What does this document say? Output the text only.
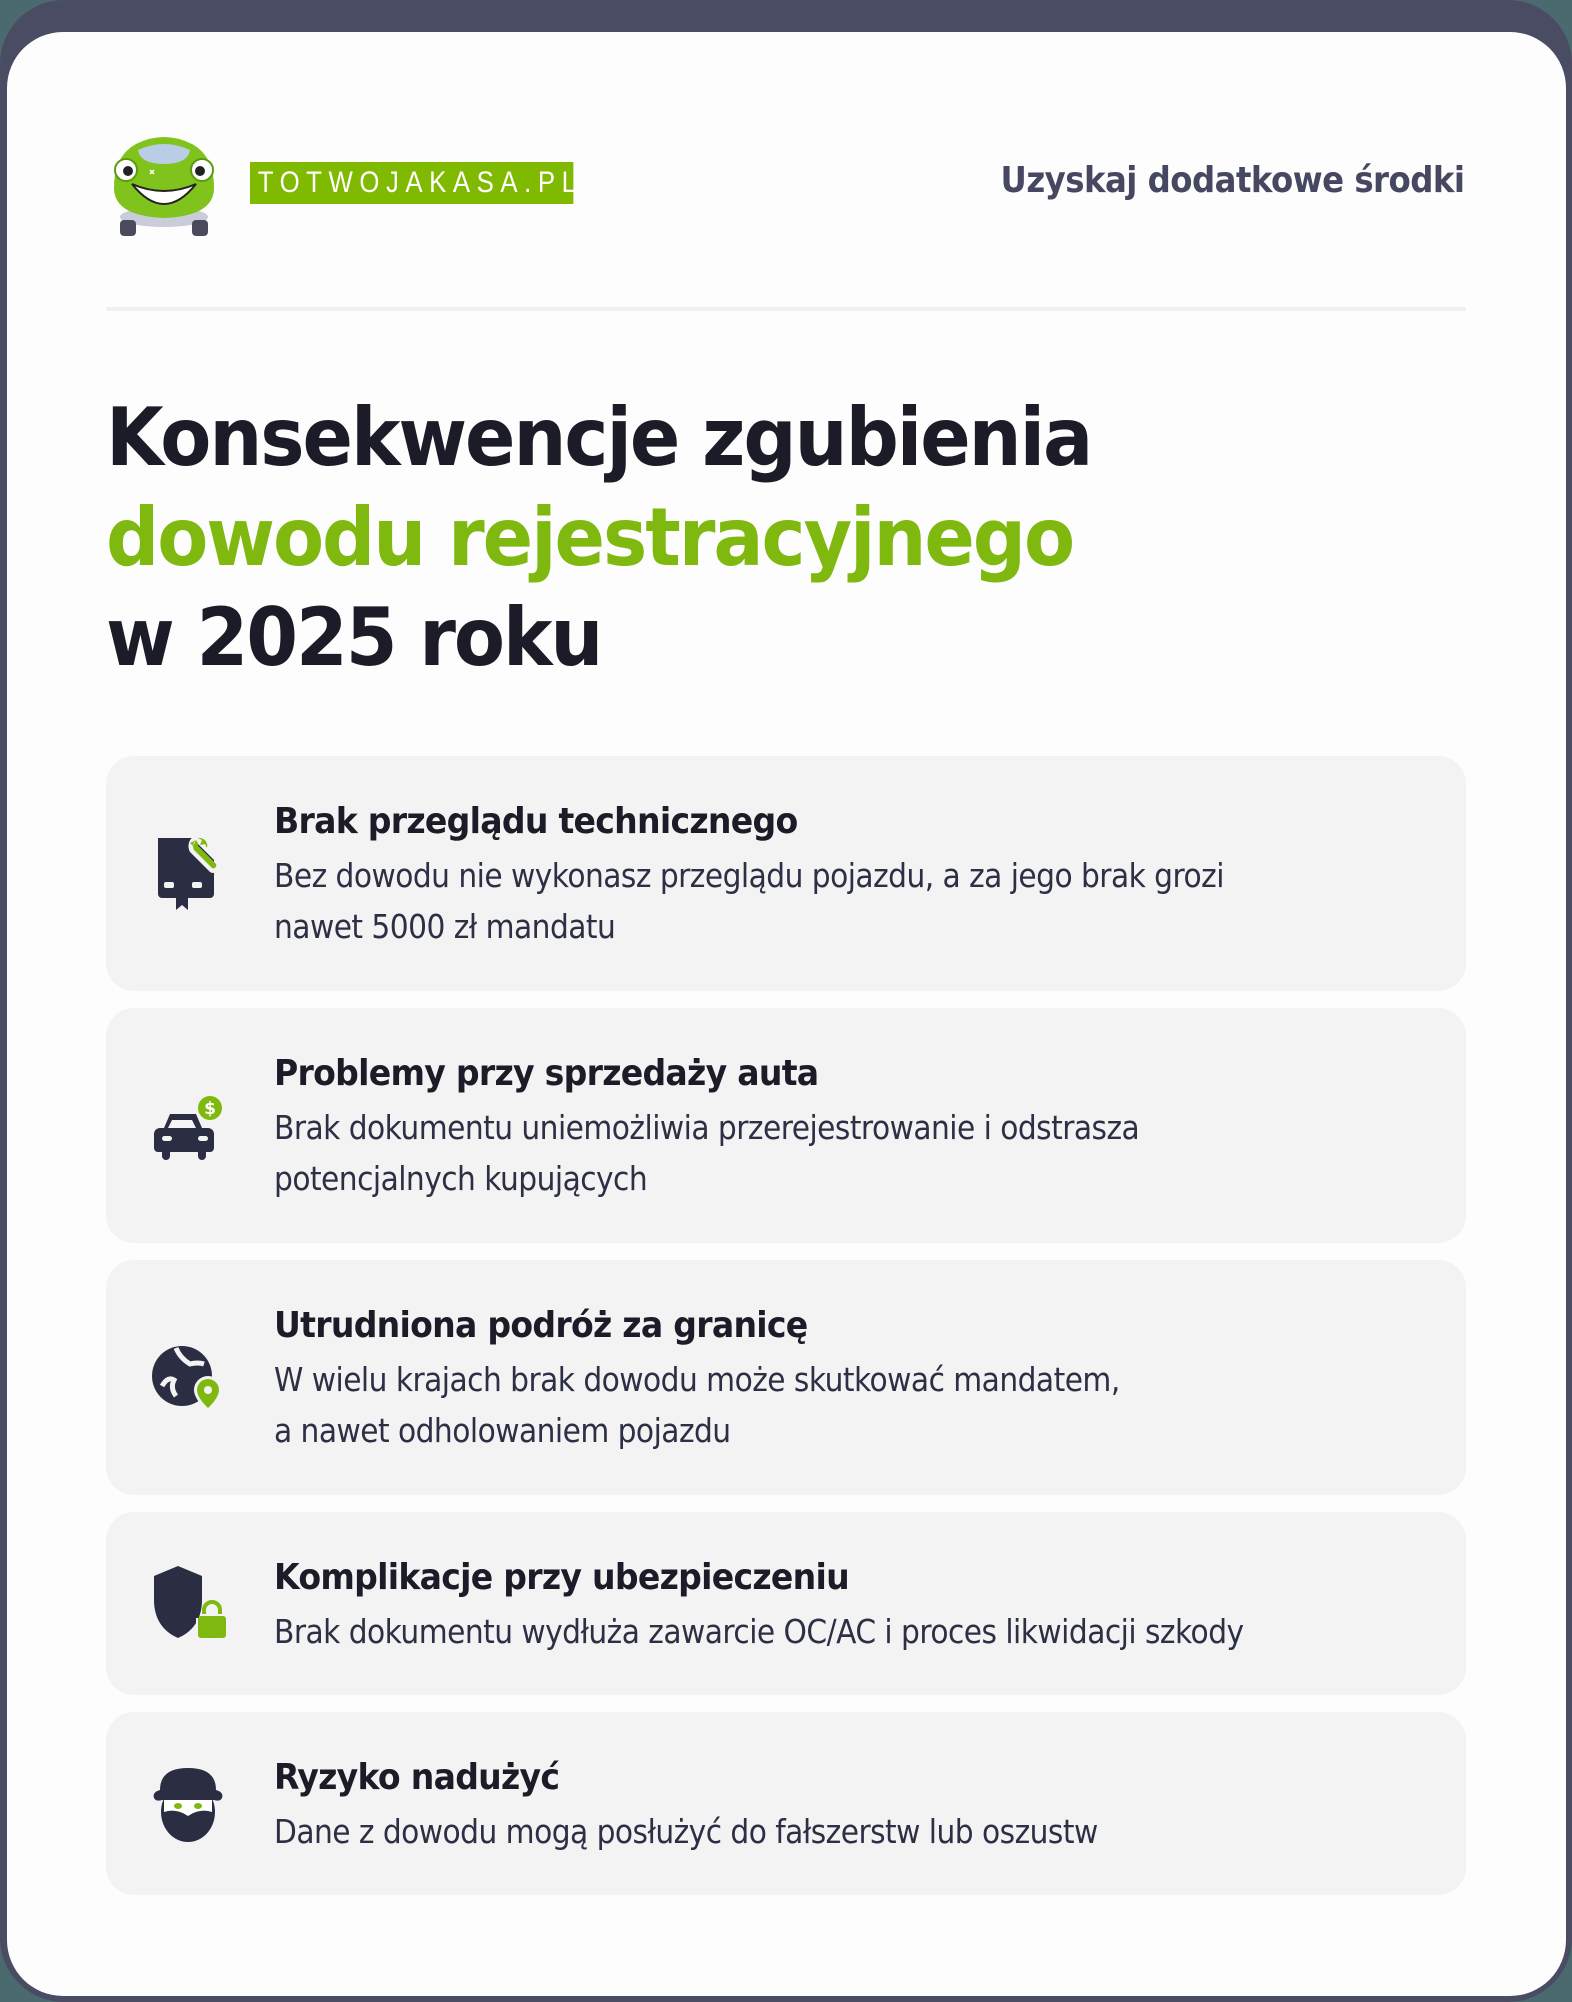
TOTWOJAKASA.PL	Uzyskaj dodatkowe środki
Konsekwencje zgubienia
dowodu rejestracyjnego
w 2025 roku
Brak przeglądu technicznego
Bez dowodu nie wykonasz przeglądu pojazdu, a za jego brak grozi
nawet 5000 zł mandatu
$
Problemy przy sprzedaży auta
Brak dokumentu uniemożliwia przerejestrowanie i odstrasza
potencjalnych kupujących
Utrudniona podróż za granicę
W wielu krajach brak dowodu może skutkować mandatem,
a nawet odholowaniem pojazdu
Komplikacje przy ubezpieczeniu
Brak dokumentu wydłuża zawarcie OC/AC i proces likwidacji szkody
Ryzyko nadużyć
Dane z dowodu mogą posłużyć do fałszerstw lub oszustw
